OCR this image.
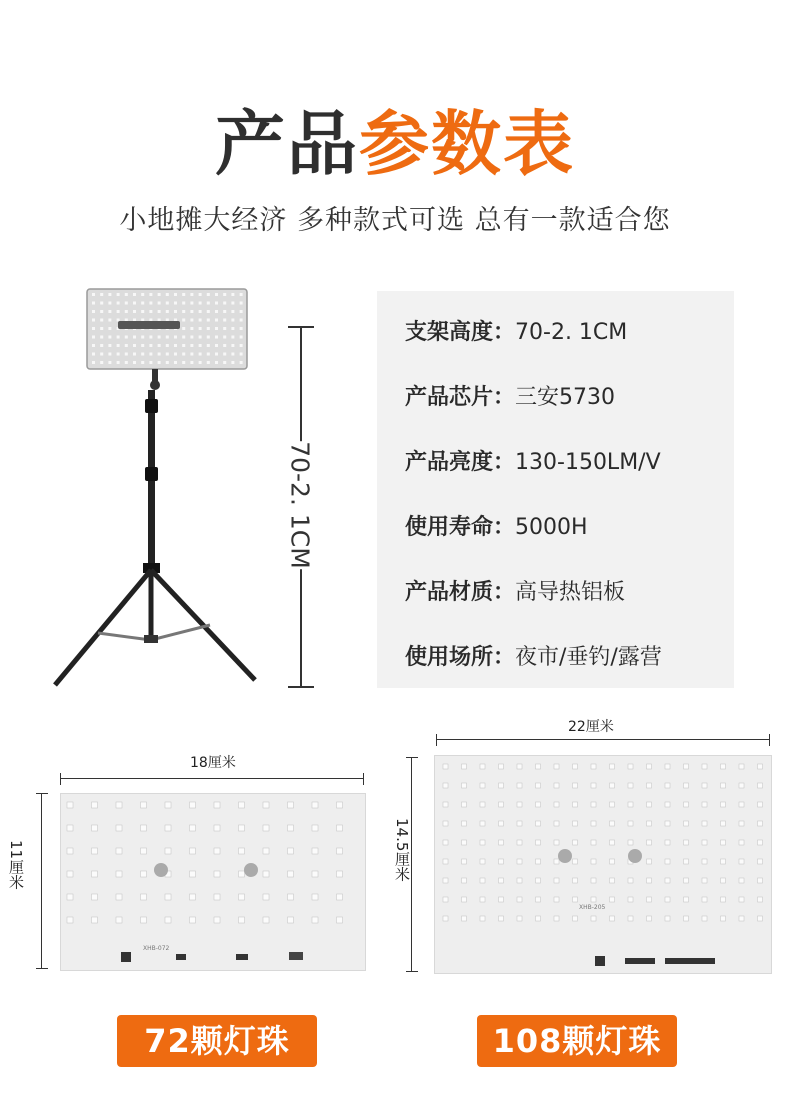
产品参数表
小地摊大经济 多种款式可选 总有一款适合您
70-2. 1CM
支架高度：70-2. 1CM
产品芯片：三安5730
产品亮度：130-150LM/V
使用寿命：5000H
产品材质：高导热铝板
使用场所：夜市/垂钓/露营
18厘米
11厘米
XHB-072
22厘米
14.5厘米
XHB-205
72颗灯珠	108颗灯珠
